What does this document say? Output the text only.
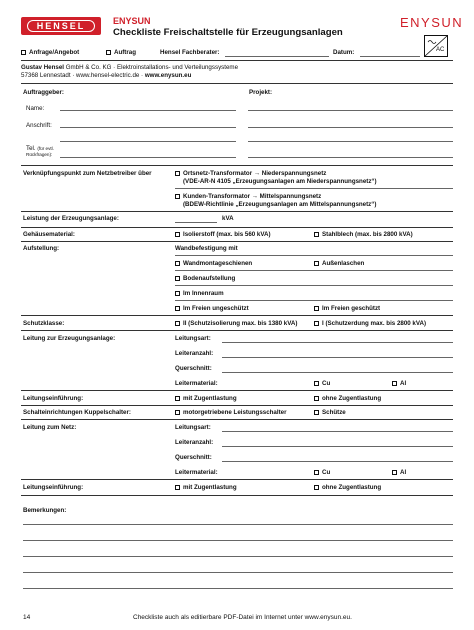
HENSEL	ENYSUN
Checkliste Freischaltstelle für Erzeugungsanlagen
ENYSUN
AC
Anfrage/Angebot	Auftrag	Hensel Fachberater:	Datum:
Gustav Hensel GmbH & Co. KG · Elektroinstallations- und Verteilungssysteme
57368 Lennestadt · www.hensel-electric.de · www.enysun.eu
Auftraggeber:	Projekt:
Name:
Anschrift:
Tel. (für evtl.
Rückfragen):
Verknüpfungspunkt zum Netzbetreiber über	Ortsnetz-Transformator → Niederspannungsnetz
(VDE-AR-N 4105 „Erzeugungsanlagen am Niederspannungsnetz“)
Kunden-Transformator → Mittelspannungsnetz
(BDEW-Richtlinie „Erzeugungsanlagen am Mittelspannungsnetz“)
Leistung der Erzeugungsanlage:	kVA
Gehäusematerial:	Isolierstoff (max. bis 560 kVA)	Stahlblech (max. bis 2800 kVA)
Aufstellung:	Wandbefestigung mit
Wandmontageschienen	Außenlaschen
Bodenaufstellung
Im Innenraum
Im Freien ungeschützt	Im Freien geschützt
Schutzklasse:	II (Schutzisolierung max. bis 1380 kVA)	I (Schutzerdung max. bis 2800 kVA)
Leitung zur Erzeugungsanlage:	Leitungsart:
Leiteranzahl:
Querschnitt:
Leitermaterial:	Cu	Al
Leitungseinführung:	mit Zugentlastung	ohne Zugentlastung
Schalteinrichtungen Kuppelschalter:	motorgetriebene Leistungsschalter	Schütze
Leitung zum Netz:	Leitungsart:
Leiteranzahl:
Querschnitt:
Leitermaterial:	Cu	Al
Leitungseinführung:	mit Zugentlastung	ohne Zugentlastung
Bemerkungen:
14	Checkliste auch als editierbare PDF-Datei im Internet unter www.enysun.eu.
